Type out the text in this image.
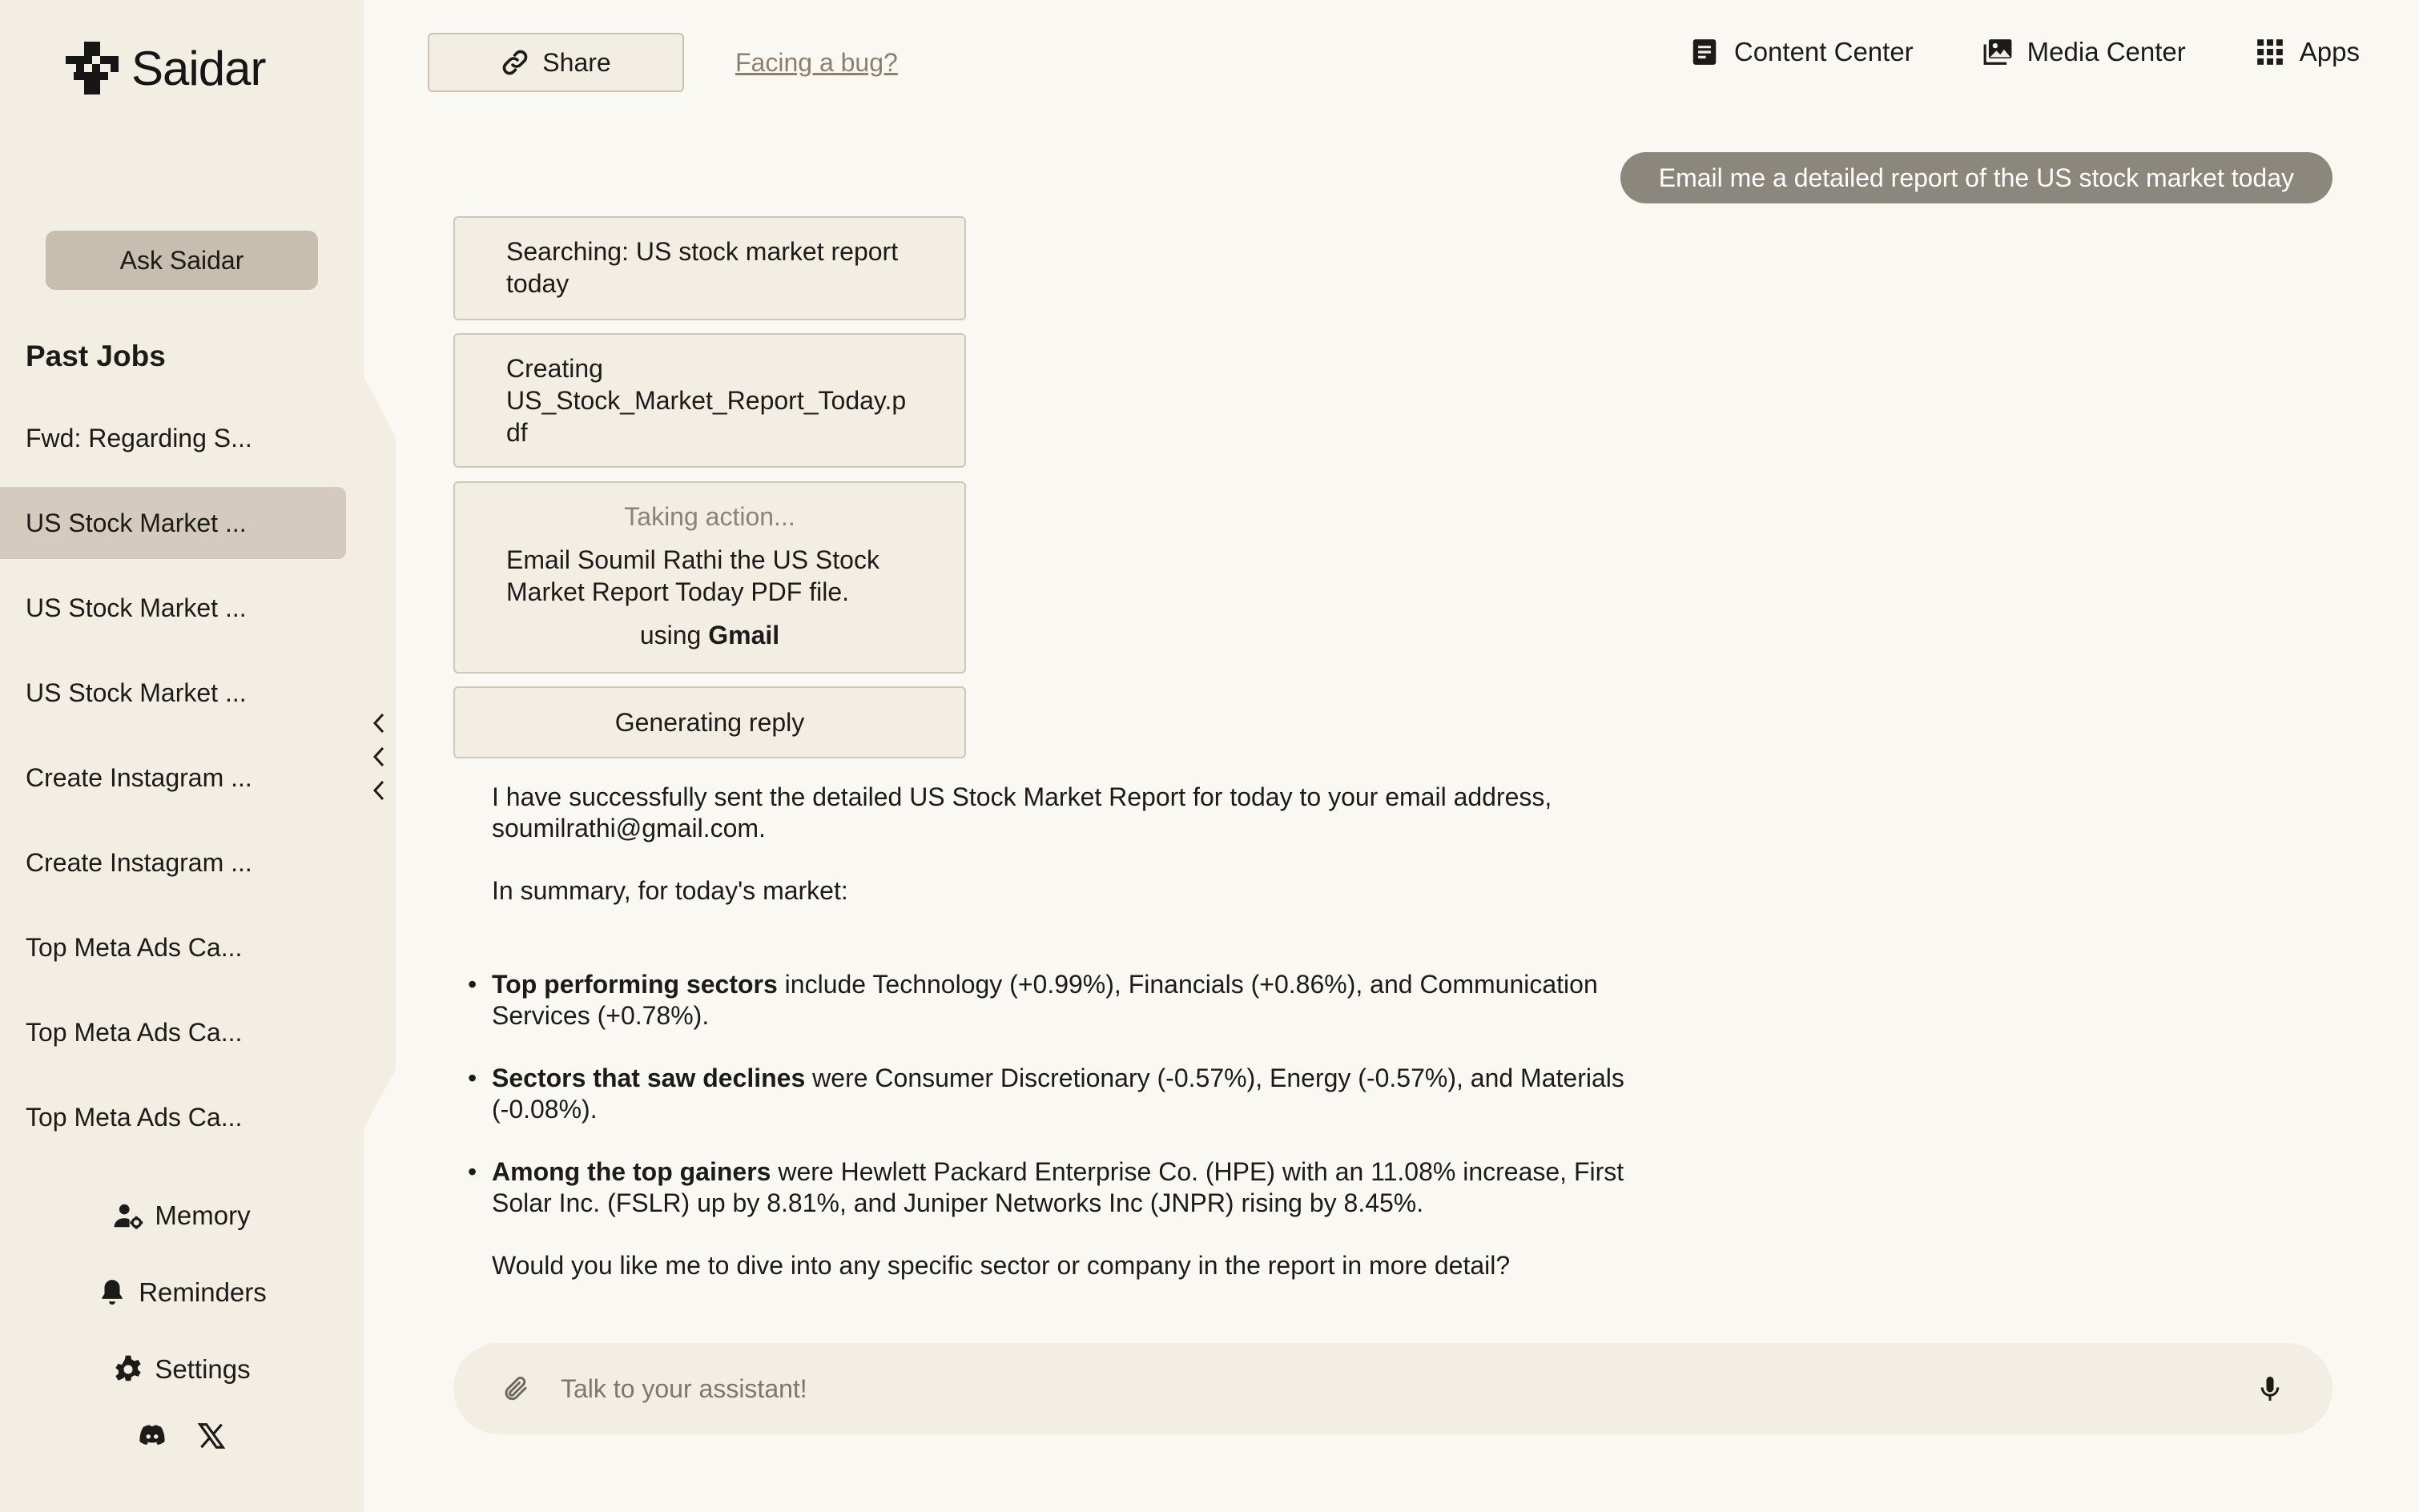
Saidar
Ask Saidar
Past Jobs
Fwd: Regarding S...
US Stock Market ...
US Stock Market ...
US Stock Market ...
Create Instagram ...
Create Instagram ...
Top Meta Ads Ca...
Top Meta Ads Ca...
Top Meta Ads Ca...
Memory
Reminders
Settings
Share	Facing a bug?	Content Center	Media Center	Apps
Email me a detailed report of the US stock market today
Searching: US stock market report today
Creating US_Stock_Market_Report_Today.pdf
Taking action...
Email Soumil Rathi the US Stock Market Report Today PDF file.
using Gmail
Generating reply
I have successfully sent the detailed US Stock Market Report for today to your email address, soumilrathi@gmail.com.
In summary, for today's market:
• Top performing sectors include Technology (+0.99%), Financials (+0.86%), and Communication Services (+0.78%).
• Sectors that saw declines were Consumer Discretionary (-0.57%), Energy (-0.57%), and Materials (-0.08%).
• Among the top gainers were Hewlett Packard Enterprise Co. (HPE) with an 11.08% increase, First Solar Inc. (FSLR) up by 8.81%, and Juniper Networks Inc (JNPR) rising by 8.45%.
Would you like me to dive into any specific sector or company in the report in more detail?
Talk to your assistant!
